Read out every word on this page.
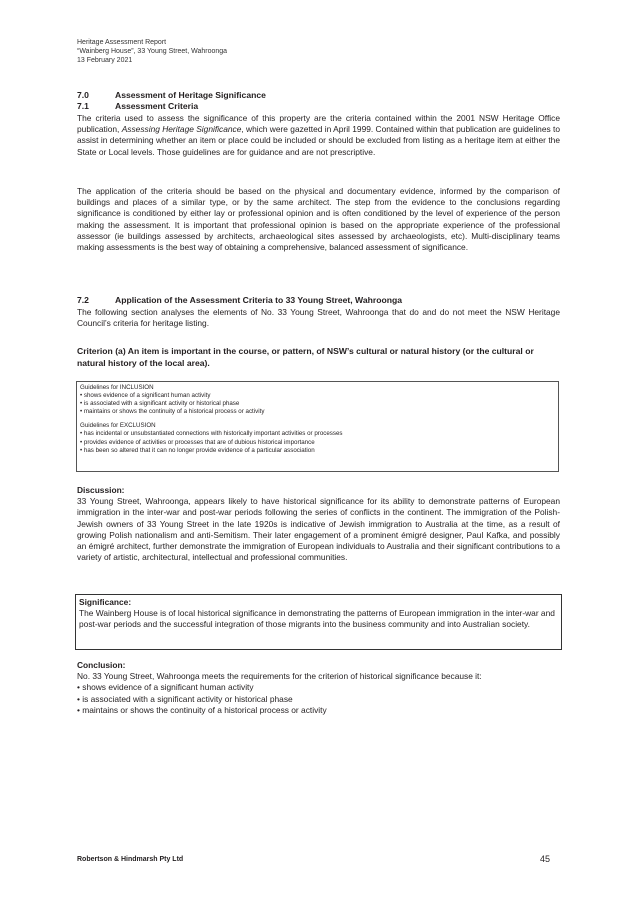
Heritage Assessment Report
“Wainberg House”, 33 Young Street, Wahroonga
13 February 2021
7.0	Assessment of Heritage Significance
7.1	Assessment Criteria
The criteria used to assess the significance of this property are the criteria contained within the 2001 NSW Heritage Office publication, Assessing Heritage Significance, which were gazetted in April 1999. Contained within that publication are guidelines to assist in determining whether an item or place could be included or should be excluded from listing as a heritage item at either the State or Local levels. Those guidelines are for guidance and are not prescriptive.
The application of the criteria should be based on the physical and documentary evidence, informed by the comparison of buildings and places of a similar type, or by the same architect. The step from the evidence to the conclusions regarding significance is conditioned by either lay or professional opinion and is often conditioned by the level of experience of the person making the assessment. It is important that professional opinion is based on the appropriate experience of the professional assessor (ie buildings assessed by architects, archaeological sites assessed by archaeologists, etc). Multi-disciplinary teams making assessments is the best way of obtaining a comprehensive, balanced assessment of significance.
7.2	Application of the Assessment Criteria to 33 Young Street, Wahroonga
The following section analyses the elements of No. 33 Young Street, Wahroonga that do and do not meet the NSW Heritage Council’s criteria for heritage listing.
Criterion (a) An item is important in the course, or pattern, of NSW’s cultural or natural history (or the cultural or natural history of the local area).
Guidelines for INCLUSION
• shows evidence of a significant human activity
• is associated with a significant activity or historical phase
• maintains or shows the continuity of a historical process or activity
Guidelines for EXCLUSION
• has incidental or unsubstantiated connections with historically important activities or processes
• provides evidence of activities or processes that are of dubious historical importance
• has been so altered that it can no longer provide evidence of a particular association
Discussion:
33 Young Street, Wahroonga, appears likely to have historical significance for its ability to demonstrate patterns of European immigration in the inter-war and post-war periods following the series of conflicts in the continent. The immigration of the Polish-Jewish owners of 33 Young Street in the late 1920s is indicative of Jewish immigration to Australia at the time, as a result of growing Polish nationalism and anti-Semitism. Their later engagement of a prominent émigré designer, Paul Kafka, and possibly an émigré architect, further demonstrate the immigration of European individuals to Australia and their significant contributions to a variety of artistic, architectural, intellectual and professional communities.
Significance:
The Wainberg House is of local historical significance in demonstrating the patterns of European immigration in the inter-war and post-war periods and the successful integration of those migrants into the business community and into Australian society.
Conclusion:
No. 33 Young Street, Wahroonga meets the requirements for the criterion of historical significance because it:
• shows evidence of a significant human activity
• is associated with a significant activity or historical phase
• maintains or shows the continuity of a historical process or activity
Robertson & Hindmarsh Pty Ltd	45
